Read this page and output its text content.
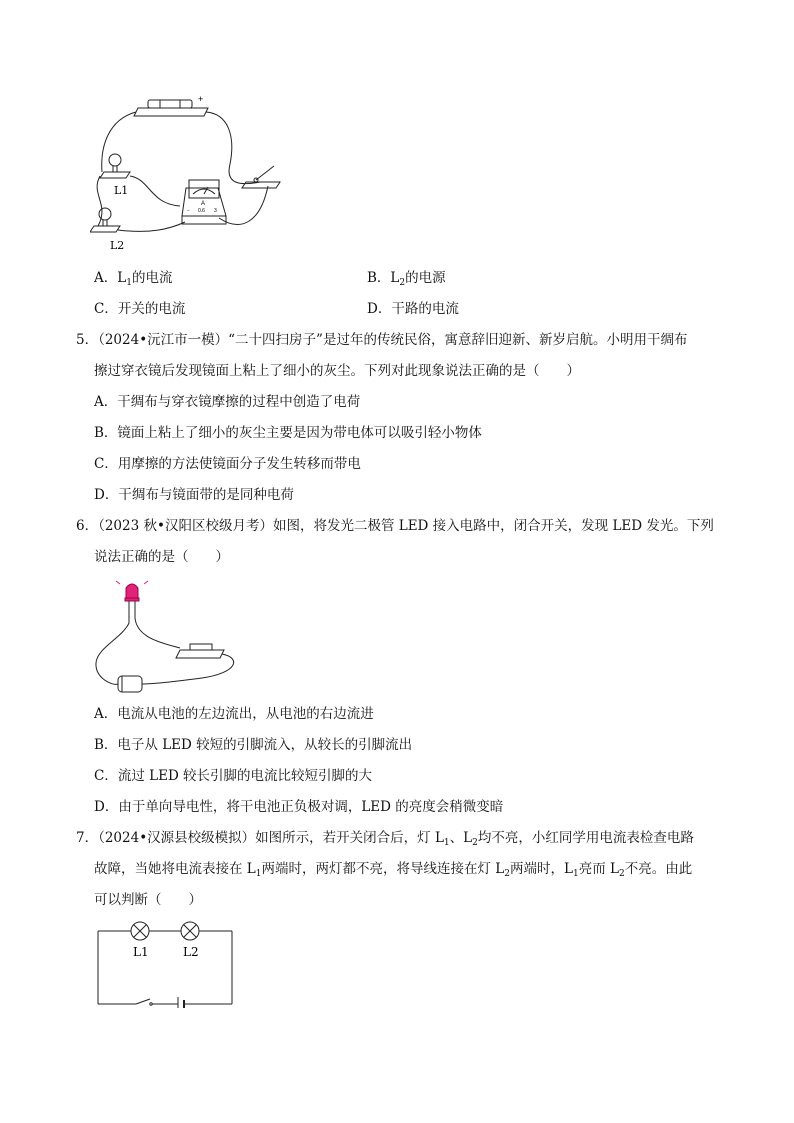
+
A
− 0.6 3
L1
L2
A．$L_1$的电流	B．$L_2$的电源
C．开关的电流	D．干路的电流
5．（2024•沅江市一模）“二十四扫房子”是过年的传统民俗，寓意辞旧迎新、新岁启航。小明用干绸布
擦过穿衣镜后发现镜面上粘上了细小的灰尘。下列对此现象说法正确的是（　　）
A．干绸布与穿衣镜摩擦的过程中创造了电荷
B．镜面上粘上了细小的灰尘主要是因为带电体可以吸引轻小物体
C．用摩擦的方法使镜面分子发生转移而带电
D．干绸布与镜面带的是同种电荷
6．（2023 秋•汉阳区校级月考）如图，将发光二极管 LED 接入电路中，闭合开关，发现 LED 发光。下列
说法正确的是（　　）
A．电流从电池的左边流出，从电池的右边流进
B．电子从 LED 较短的引脚流入，从较长的引脚流出
C．流过 LED 较长引脚的电流比较短引脚的大
D．由于单向导电性，将干电池正负极对调，LED 的亮度会稍微变暗
7．（2024•汉源县校级模拟）如图所示，若开关闭合后，灯 $L_1$、$L_2$均不亮，小红同学用电流表检查电路
故障，当她将电流表接在 $L_1$两端时，两灯都不亮，将导线连接在灯 $L_2$两端时，$L_1$亮而 $L_2$不亮。由此
可以判断（　　）
L1	L2
